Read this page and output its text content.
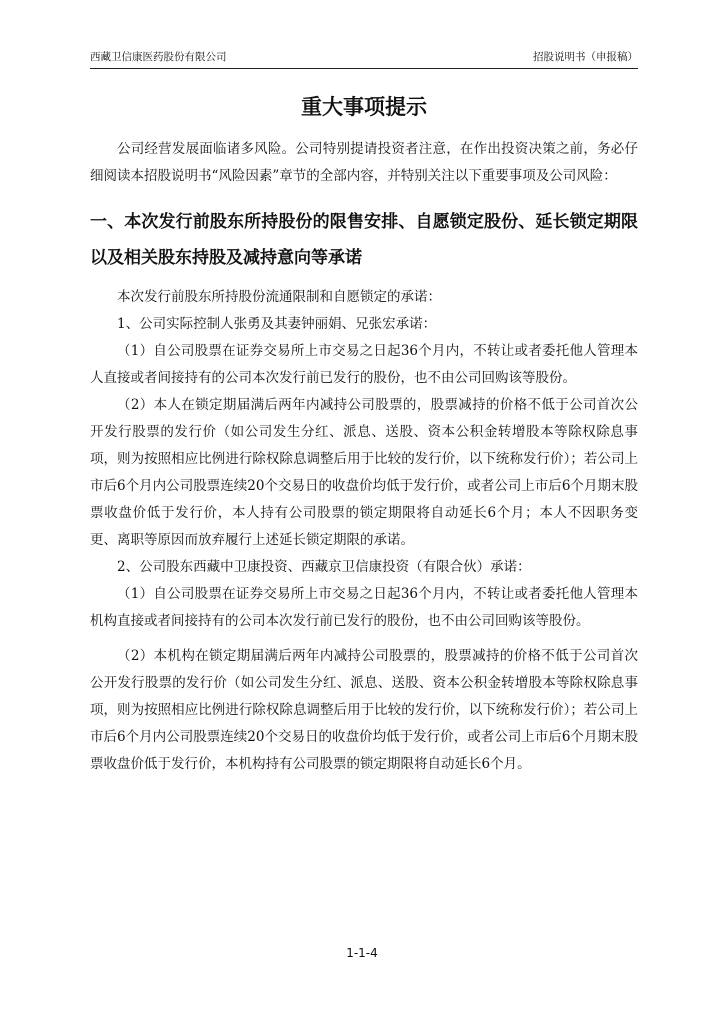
西藏卫信康医药股份有限公司	招股说明书（申报稿）
重大事项提示

公司经营发展面临诸多风险。公司特别提请投资者注意，在作出投资决策之前，务必仔细阅读本招股说明书“风险因素”章节的全部内容，并特别关注以下重要事项及公司风险：

一、本次发行前股东所持股份的限售安排、自愿锁定股份、延长锁定期限以及相关股东持股及减持意向等承诺

本次发行前股东所持股份流通限制和自愿锁定的承诺：

1、公司实际控制人张勇及其妻钟丽娟、兄张宏承诺：

（1）自公司股票在证券交易所上市交易之日起36个月内，不转让或者委托他人管理本人直接或者间接持有的公司本次发行前已发行的股份，也不由公司回购该等股份。

（2）本人在锁定期届满后两年内减持公司股票的，股票减持的价格不低于公司首次公开发行股票的发行价（如公司发生分红、派息、送股、资本公积金转增股本等除权除息事项，则为按照相应比例进行除权除息调整后用于比较的发行价，以下统称发行价）；若公司上市后6个月内公司股票连续20个交易日的收盘价均低于发行价，或者公司上市后6个月期末股票收盘价低于发行价，本人持有公司股票的锁定期限将自动延长6个月；本人不因职务变更、离职等原因而放弃履行上述延长锁定期限的承诺。

2、公司股东西藏中卫康投资、西藏京卫信康投资（有限合伙）承诺：

（1）自公司股票在证券交易所上市交易之日起36个月内，不转让或者委托他人管理本机构直接或者间接持有的公司本次发行前已发行的股份，也不由公司回购该等股份。

（2）本机构在锁定期届满后两年内减持公司股票的，股票减持的价格不低于公司首次公开发行股票的发行价（如公司发生分红、派息、送股、资本公积金转增股本等除权除息事项，则为按照相应比例进行除权除息调整后用于比较的发行价，以下统称发行价）；若公司上市后6个月内公司股票连续20个交易日的收盘价均低于发行价，或者公司上市后6个月期末股票收盘价低于发行价，本机构持有公司股票的锁定期限将自动延长6个月。

1-1-4
